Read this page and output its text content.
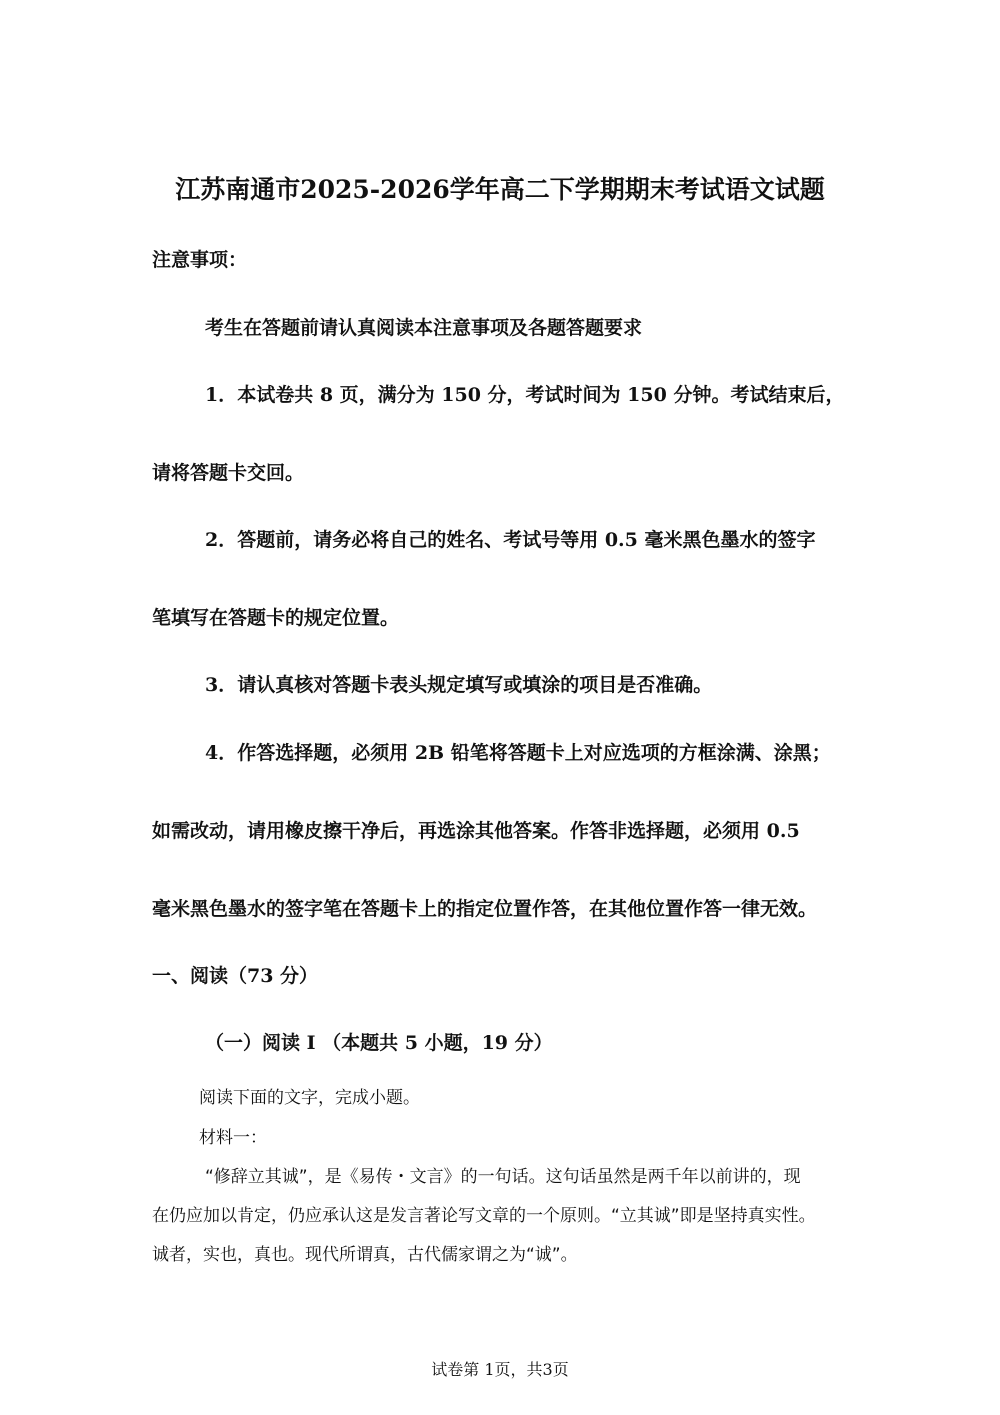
江苏南通市2025-2026学年高二下学期期末考试语文试题
注意事项：
考生在答题前请认真阅读本注意事项及各题答题要求
1．本试卷共 8 页，满分为 150 分，考试时间为 150 分钟。考试结束后，
请将答题卡交回。
2．答题前，请务必将自己的姓名、考试号等用 0.5 毫米黑色墨水的签字
笔填写在答题卡的规定位置。
3．请认真核对答题卡表头规定填写或填涂的项目是否准确。
4．作答选择题，必须用 2B 铅笔将答题卡上对应选项的方框涂满、涂黑；
如需改动，请用橡皮擦干净后，再选涂其他答案。作答非选择题，必须用 0.5
毫米黑色墨水的签字笔在答题卡上的指定位置作答，在其他位置作答一律无效。
一、阅读（73 分）
（一）阅读 I （本题共 5 小题，19 分）
阅读下面的文字，完成小题。
材料一：
“修辞立其诚”，是《易传・文言》的一句话。这句话虽然是两千年以前讲的，现
在仍应加以肯定，仍应承认这是发言著论写文章的一个原则。“立其诚”即是坚持真实性。
诚者，实也，真也。现代所谓真，古代儒家谓之为“诚”。
试卷第 1页，共3页
